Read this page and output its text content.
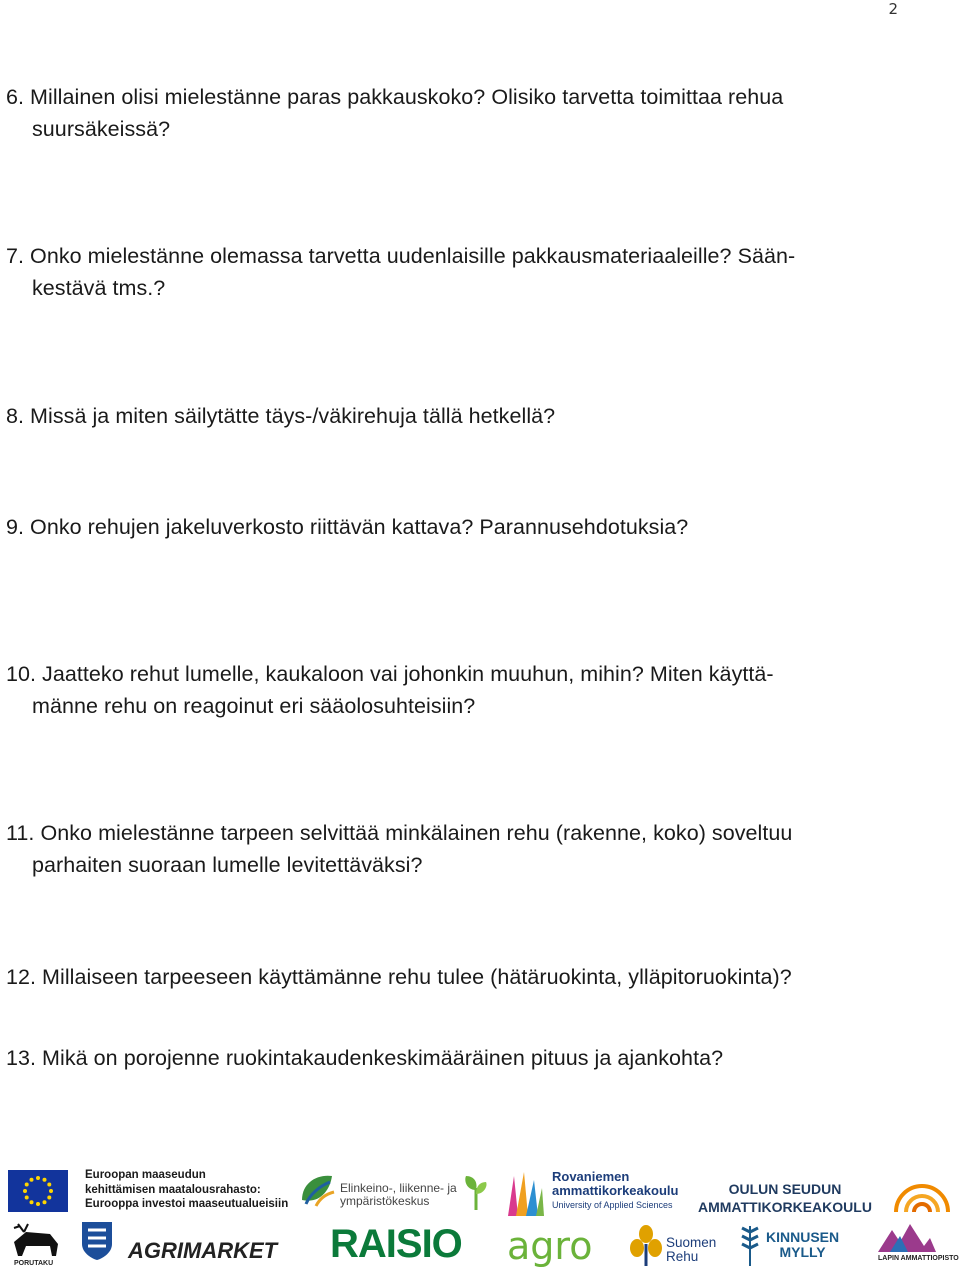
2
6. Millainen olisi mielestänne paras pakkauskoko? Olisiko tarvetta toimittaa rehua
suursäkeissä?
7. Onko mielestänne olemassa tarvetta uudenlaisille pakkausmateriaaleille? Sään-
kestävä tms.?
8. Missä ja miten säilytätte täys-/väkirehuja tällä hetkellä?
9. Onko rehujen jakeluverkosto riittävän kattava? Parannusehdotuksia?
10. Jaatteko rehut lumelle, kaukaloon vai johonkin muuhun, mihin? Miten käyttä-
männe rehu on reagoinut eri sääolosuhteisiin?
11. Onko mielestänne tarpeen selvittää minkälainen rehu (rakenne, koko) soveltuu
parhaiten suoraan lumelle levitettäväksi?
12. Millaiseen tarpeeseen käyttämänne rehu tulee (hätäruokinta, ylläpitoruokinta)?
13. Mikä on porojenne ruokintakaudenkeskimääräinen pituus ja ajankohta?
Euroopan maaseudun
kehittämisen maatalousrahasto:
Eurooppa investoi maaseutualueisiin
Elinkeino-, liikenne- ja
ympäristökeskus
Rovaniemen
ammattikorkeakoulu
University of Applied Sciences
OULUN SEUDUN
AMMATTIKORKEAKOULU
PORUTAKU
AGRIMARKET RAISIO agro	Suomen
Rehu
KINNUSEN
MYLLY	LAPIN AMMATTIOPISTO
